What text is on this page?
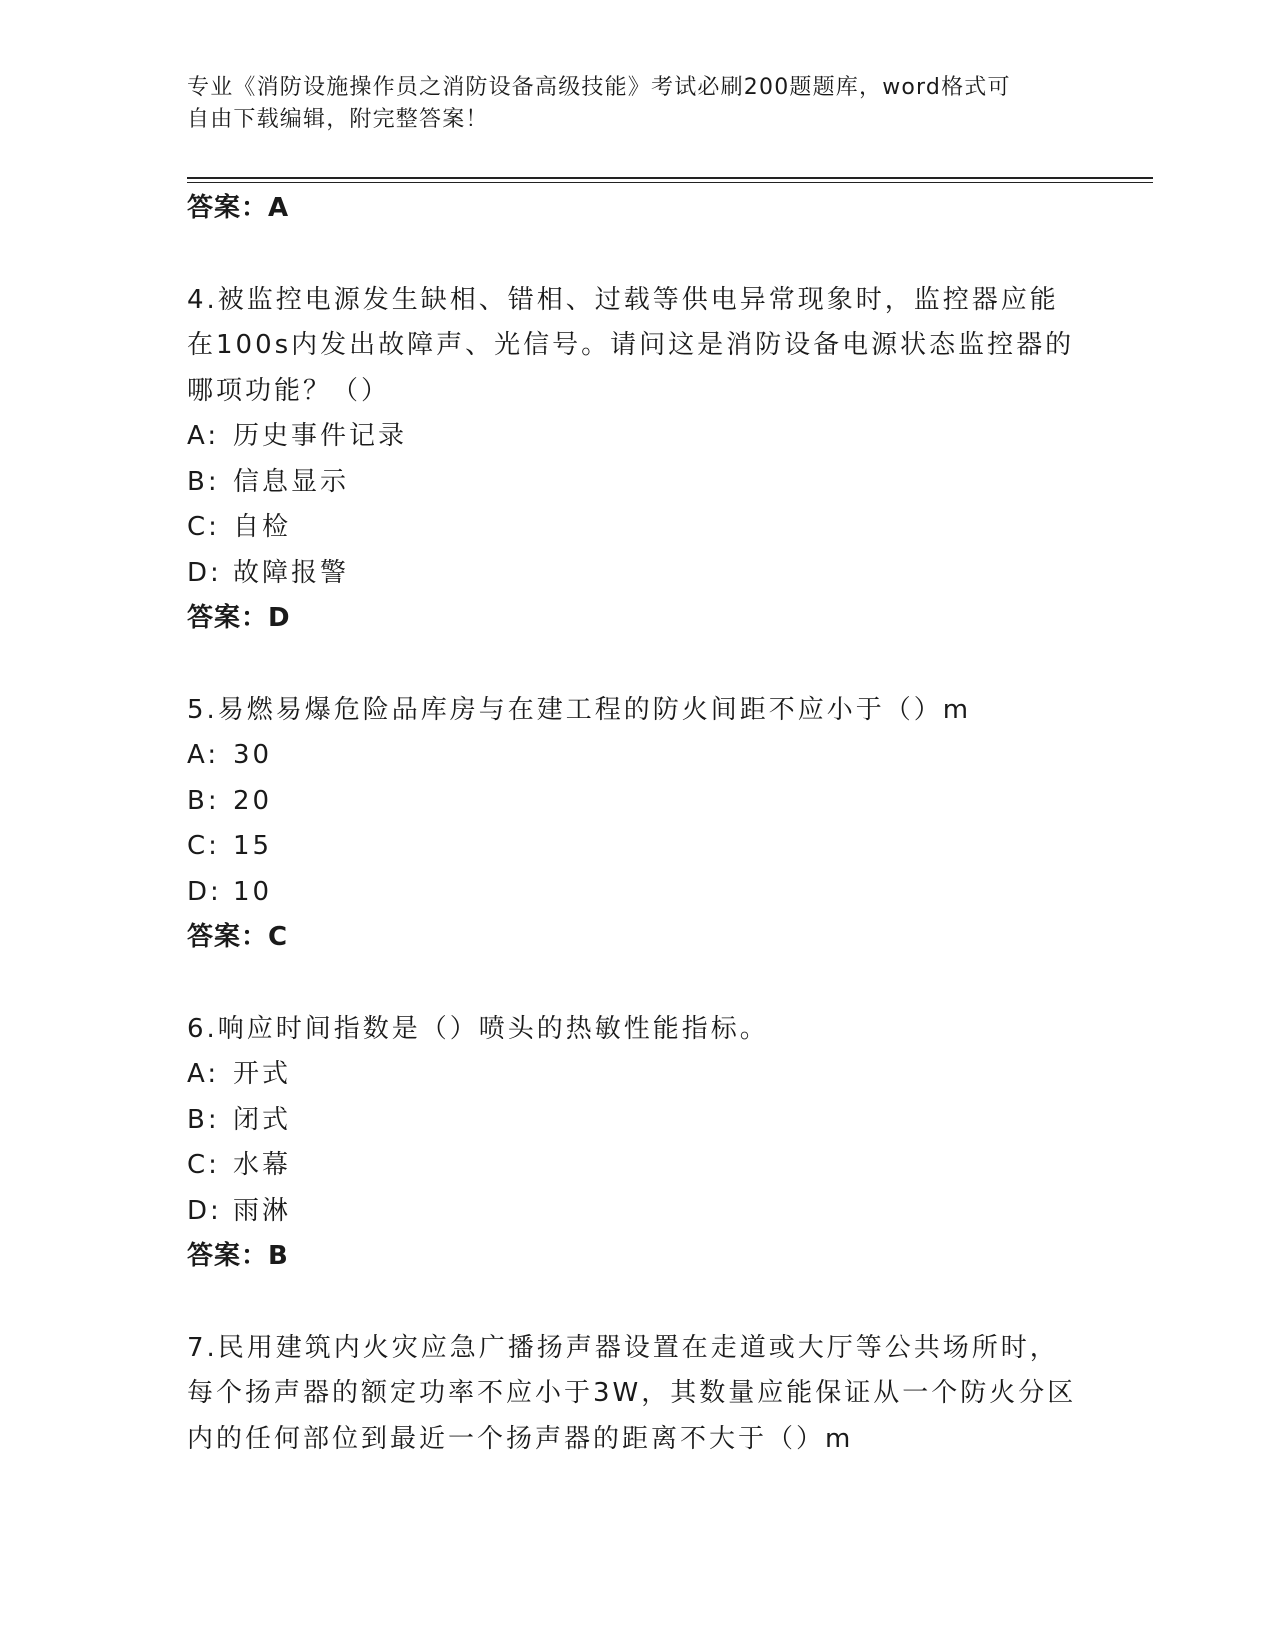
专业《消防设施操作员之消防设备高级技能》考试必刷200题题库，word格式可
自由下载编辑，附完整答案！
答案：A
4.被监控电源发生缺相、错相、过载等供电异常现象时，监控器应能
在100s内发出故障声、光信号。请问这是消防设备电源状态监控器的
哪项功能？（）
A: 历史事件记录
B: 信息显示
C: 自检
D: 故障报警
答案：D
5.易燃易爆危险品库房与在建工程的防火间距不应小于（）m
A: 30
B: 20
C: 15
D: 10
答案：C
6.响应时间指数是（）喷头的热敏性能指标。
A: 开式
B: 闭式
C: 水幕
D: 雨淋
答案：B
7.民用建筑内火灾应急广播扬声器设置在走道或大厅等公共场所时，
每个扬声器的额定功率不应小于3W，其数量应能保证从一个防火分区
内的任何部位到最近一个扬声器的距离不大于（）m
